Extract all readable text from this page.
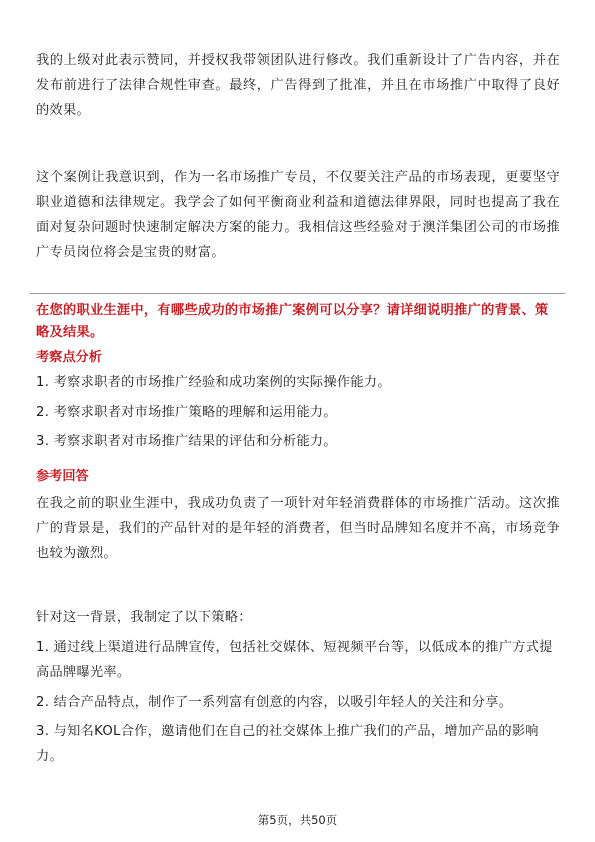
我的上级对此表示赞同，并授权我带领团队进行修改。我们重新设计了广告内容，并在发布前进行了法律合规性审查。最终，广告得到了批准，并且在市场推广中取得了良好的效果。

这个案例让我意识到，作为一名市场推广专员，不仅要关注产品的市场表现，更要坚守职业道德和法律规定。我学会了如何平衡商业利益和道德法律界限，同时也提高了我在面对复杂问题时快速制定解决方案的能力。我相信这些经验对于澳洋集团公司的市场推广专员岗位将会是宝贵的财富。

在您的职业生涯中，有哪些成功的市场推广案例可以分享？请详细说明推广的背景、策略及结果。
考察点分析
1. 考察求职者的市场推广经验和成功案例的实际操作能力。
2. 考察求职者对市场推广策略的理解和运用能力。
3. 考察求职者对市场推广结果的评估和分析能力。
参考回答

在我之前的职业生涯中，我成功负责了一项针对年轻消费群体的市场推广活动。这次推广的背景是，我们的产品针对的是年轻的消费者，但当时品牌知名度并不高，市场竞争也较为激烈。

针对这一背景，我制定了以下策略：

1. 通过线上渠道进行品牌宣传，包括社交媒体、短视频平台等，以低成本的推广方式提高品牌曝光率。
2. 结合产品特点，制作了一系列富有创意的内容，以吸引年轻人的关注和分享。
3. 与知名KOL合作，邀请他们在自己的社交媒体上推广我们的产品，增加产品的影响力。
第5页，共50页
